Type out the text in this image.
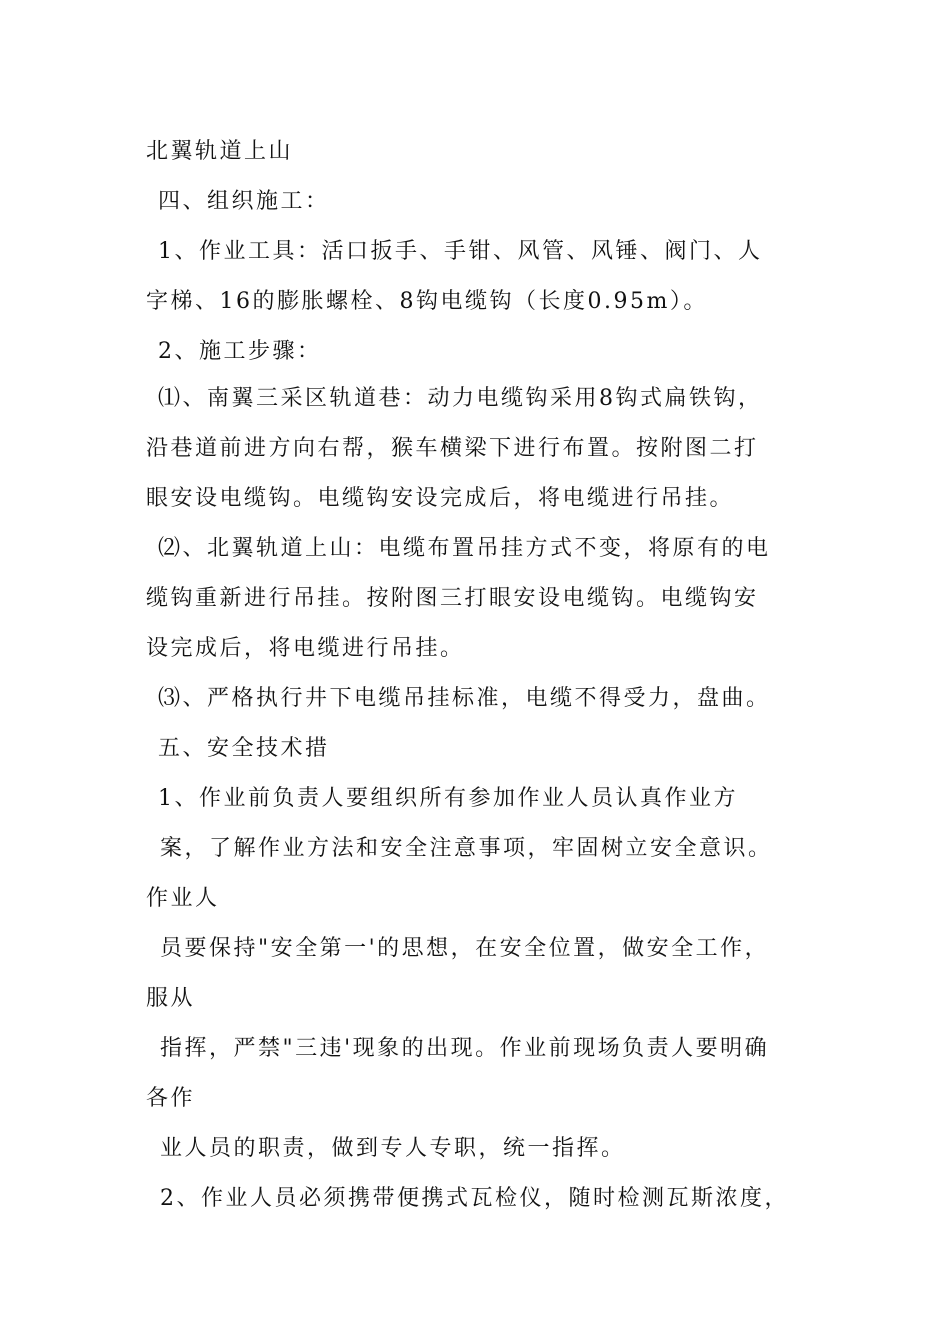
北翼轨道上山
四、组织施工：
1、作业工具：活口扳手、手钳、风管、风锤、阀门、人
字梯、16的膨胀螺栓、8钩电缆钩（长度0.95m）。
2、施工步骤：
⑴、南翼三采区轨道巷：动力电缆钩采用8钩式扁铁钩，
沿巷道前进方向右帮，猴车横梁下进行布置。按附图二打
眼安设电缆钩。电缆钩安设完成后，将电缆进行吊挂。
⑵、北翼轨道上山：电缆布置吊挂方式不变，将原有的电
缆钩重新进行吊挂。按附图三打眼安设电缆钩。电缆钩安
设完成后，将电缆进行吊挂。
⑶、严格执行井下电缆吊挂标准，电缆不得受力，盘曲。
五、安全技术措
1、作业前负责人要组织所有参加作业人员认真作业方
案，了解作业方法和安全注意事项，牢固树立安全意识。
作业人
员要保持"安全第一'的思想，在安全位置，做安全工作，
服从
指挥，严禁"三违'现象的出现。作业前现场负责人要明确
各作
业人员的职责，做到专人专职，统一指挥。
2、作业人员必须携带便携式瓦检仪，随时检测瓦斯浓度，
